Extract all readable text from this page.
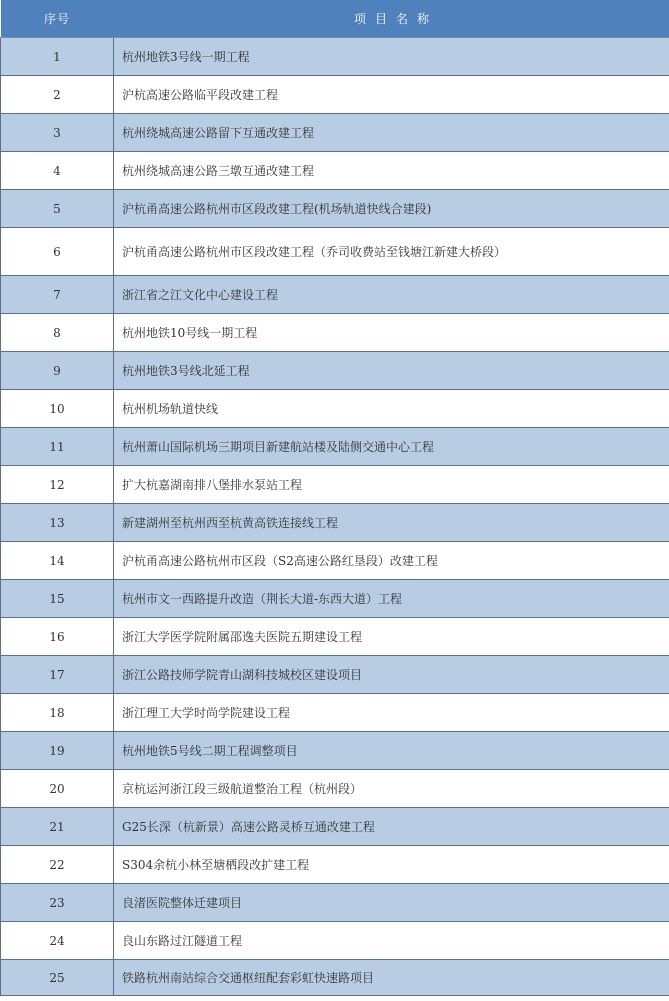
序号	项目名称
1	杭州地铁3号线一期工程
2	沪杭高速公路临平段改建工程
3	杭州绕城高速公路留下互通改建工程
4	杭州绕城高速公路三墩互通改建工程
5	沪杭甬高速公路杭州市区段改建工程(机场轨道快线合建段)
6	沪杭甬高速公路杭州市区段改建工程（乔司收费站至钱塘江新建大桥段）
7	浙江省之江文化中心建设工程
8	杭州地铁10号线一期工程
9	杭州地铁3号线北延工程
10	杭州机场轨道快线
11	杭州萧山国际机场三期项目新建航站楼及陆侧交通中心工程
12	扩大杭嘉湖南排八堡排水泵站工程
13	新建湖州至杭州西至杭黄高铁连接线工程
14	沪杭甬高速公路杭州市区段（S2高速公路红垦段）改建工程
15	杭州市文一西路提升改造（荆长大道-东西大道）工程
16	浙江大学医学院附属邵逸夫医院五期建设工程
17	浙江公路技师学院青山湖科技城校区建设项目
18	浙江理工大学时尚学院建设工程
19	杭州地铁5号线二期工程调整项目
20	京杭运河浙江段三级航道整治工程（杭州段）
21	G25长深（杭新景）高速公路灵桥互通改建工程
22	S304余杭小林至塘栖段改扩建工程
23	良渚医院整体迁建项目
24	良山东路过江隧道工程
25	铁路杭州南站综合交通枢纽配套彩虹快速路项目
